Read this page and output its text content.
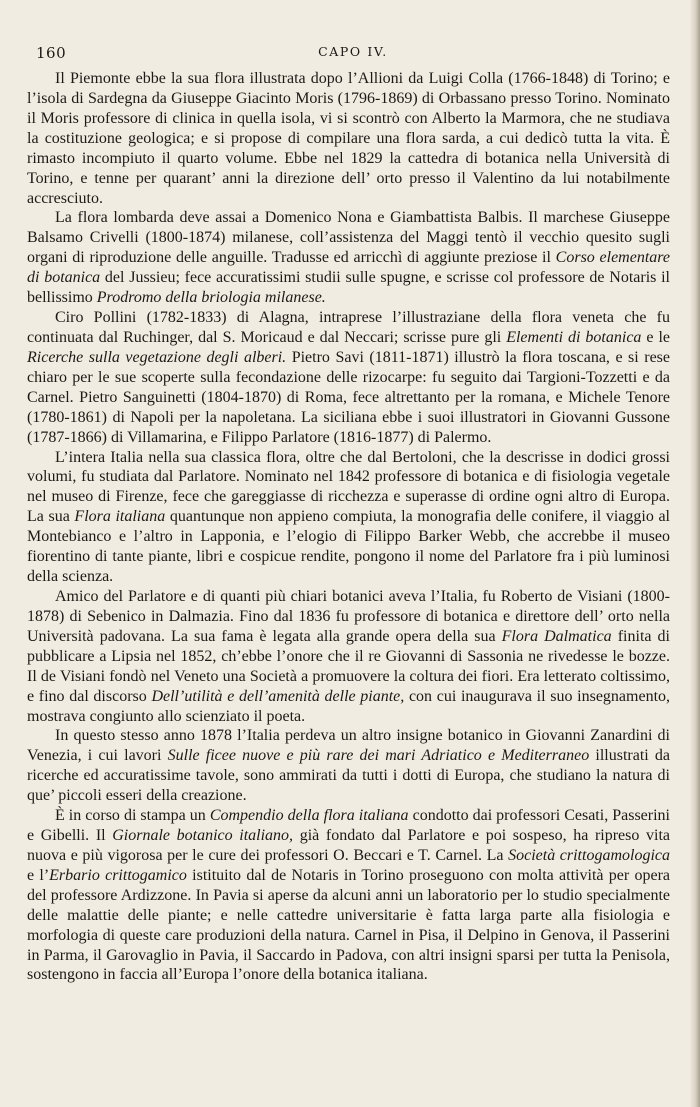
160	CAPO IV.

Il Piemonte ebbe la sua flora illustrata dopo l’Allioni da Luigi Colla (1766-1848) di Torino; e l’isola di Sardegna da Giuseppe Giacinto Moris (1796-1869) di Orbassano presso Torino. Nominato il Moris professore di clinica in quella isola, vi si scontrò con Alberto la Marmora, che ne studiava la costituzione geologica; e si propose di compilare una flora sarda, a cui dedicò tutta la vita. È rimasto incompiuto il quarto volume. Ebbe nel 1829 la cattedra di botanica nella Università di Torino, e tenne per quarant’ anni la direzione dell’ orto presso il Valentino da lui notabilmente accresciuto.

La flora lombarda deve assai a Domenico Nona e Giambattista Balbis. Il marchese Giuseppe Balsamo Crivelli (1800-1874) milanese, coll’assistenza del Maggi tentò il vecchio quesito sugli organi di riproduzione delle anguille. Tradusse ed arricchì di aggiunte preziose il Corso elementare di botanica del Jussieu; fece accuratissimi studii sulle spugne, e scrisse col professore de Notaris il bellissimo Prodromo della briologia milanese.

Ciro Pollini (1782-1833) di Alagna, intraprese l’illustraziane della flora veneta che fu continuata dal Ruchinger, dal S. Moricaud e dal Neccari; scrisse pure gli Elementi di botanica e le Ricerche sulla vegetazione degli alberi. Pietro Savi (1811-1871) illustrò la flora toscana, e si rese chiaro per le sue scoperte sulla fecondazione delle rizocarpe: fu seguito dai Targioni-Tozzetti e da Carnel. Pietro Sanguinetti (1804-1870) di Roma, fece altrettanto per la romana, e Michele Tenore (1780-1861) di Napoli per la napoletana. La siciliana ebbe i suoi illustratori in Giovanni Gussone (1787-1866) di Villamarina, e Filippo Parlatore (1816-1877) di Palermo.

L’intera Italia nella sua classica flora, oltre che dal Bertoloni, che la descrisse in dodici grossi volumi, fu studiata dal Parlatore. Nominato nel 1842 professore di botanica e di fisiologia vegetale nel museo di Firenze, fece che gareggiasse di ricchezza e superasse di ordine ogni altro di Europa. La sua Flora italiana quantunque non appieno compiuta, la monografia delle conifere, il viaggio al Montebianco e l’altro in Lapponia, e l’elogio di Filippo Barker Webb, che accrebbe il museo fiorentino di tante piante, libri e cospicue rendite, pongono il nome del Parlatore fra i più luminosi della scienza.

Amico del Parlatore e di quanti più chiari botanici aveva l’Italia, fu Roberto de Visiani (1800-1878) di Sebenico in Dalmazia. Fino dal 1836 fu professore di botanica e direttore dell’ orto nella Università padovana. La sua fama è legata alla grande opera della sua Flora Dalmatica finita di pubblicare a Lipsia nel 1852, ch’ebbe l’onore che il re Giovanni di Sassonia ne rivedesse le bozze. Il de Visiani fondò nel Veneto una Società a promuovere la coltura dei fiori. Era letterato coltissimo, e fino dal discorso Dell’utilità e dell’amenità delle piante, con cui inaugurava il suo insegnamento, mostrava congiunto allo scienziato il poeta.

In questo stesso anno 1878 l’Italia perdeva un altro insigne botanico in Giovanni Zanardini di Venezia, i cui lavori Sulle ficee nuove e più rare dei mari Adriatico e Mediterraneo illustrati da ricerche ed accuratissime tavole, sono ammirati da tutti i dotti di Europa, che studiano la natura di que’ piccoli esseri della creazione.

È in corso di stampa un Compendio della flora italiana condotto dai professori Cesati, Passerini e Gibelli. Il Giornale botanico italiano, già fondato dal Parlatore e poi sospeso, ha ripreso vita nuova e più vigorosa per le cure dei professori O. Beccari e T. Carnel. La Società crittogamologica e l’Erbario crittogamico istituito dal de Notaris in Torino proseguono con molta attività per opera del professore Ardizzone. In Pavia si aperse da alcuni anni un laboratorio per lo studio specialmente delle malattie delle piante; e nelle cattedre universitarie è fatta larga parte alla fisiologia e morfologia di queste care produzioni della natura. Carnel in Pisa, il Delpino in Genova, il Passerini in Parma, il Garovaglio in Pavia, il Saccardo in Padova, con altri insigni sparsi per tutta la Penisola, sostengono in faccia all’Europa l’onore della botanica italiana.
